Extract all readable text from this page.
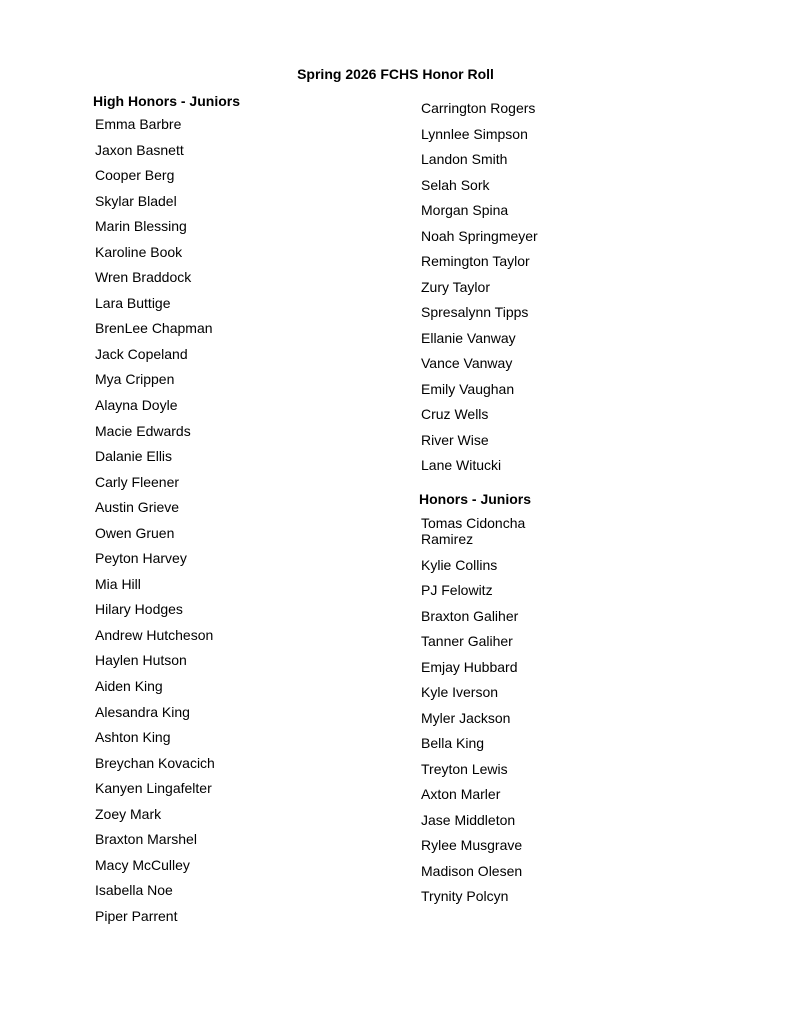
Spring 2026 FCHS Honor Roll
High Honors - Juniors
Emma Barbre
Jaxon Basnett
Cooper Berg
Skylar Bladel
Marin Blessing
Karoline Book
Wren Braddock
Lara Buttige
BrenLee Chapman
Jack Copeland
Mya Crippen
Alayna Doyle
Macie Edwards
Dalanie Ellis
Carly Fleener
Austin Grieve
Owen Gruen
Peyton Harvey
Mia Hill
Hilary Hodges
Andrew Hutcheson
Haylen Hutson
Aiden King
Alesandra King
Ashton King
Breychan Kovacich
Kanyen Lingafelter
Zoey Mark
Braxton Marshel
Macy McCulley
Isabella Noe
Piper Parrent
Carrington Rogers
Lynnlee Simpson
Landon Smith
Selah Sork
Morgan Spina
Noah Springmeyer
Remington Taylor
Zury Taylor
Spresalynn Tipps
Ellanie Vanway
Vance Vanway
Emily Vaughan
Cruz Wells
River Wise
Lane Witucki
Honors - Juniors
Tomas Cidoncha Ramirez
Kylie Collins
PJ Felowitz
Braxton Galiher
Tanner Galiher
Emjay Hubbard
Kyle Iverson
Myler Jackson
Bella King
Treyton Lewis
Axton Marler
Jase Middleton
Rylee Musgrave
Madison Olesen
Trynity Polcyn
